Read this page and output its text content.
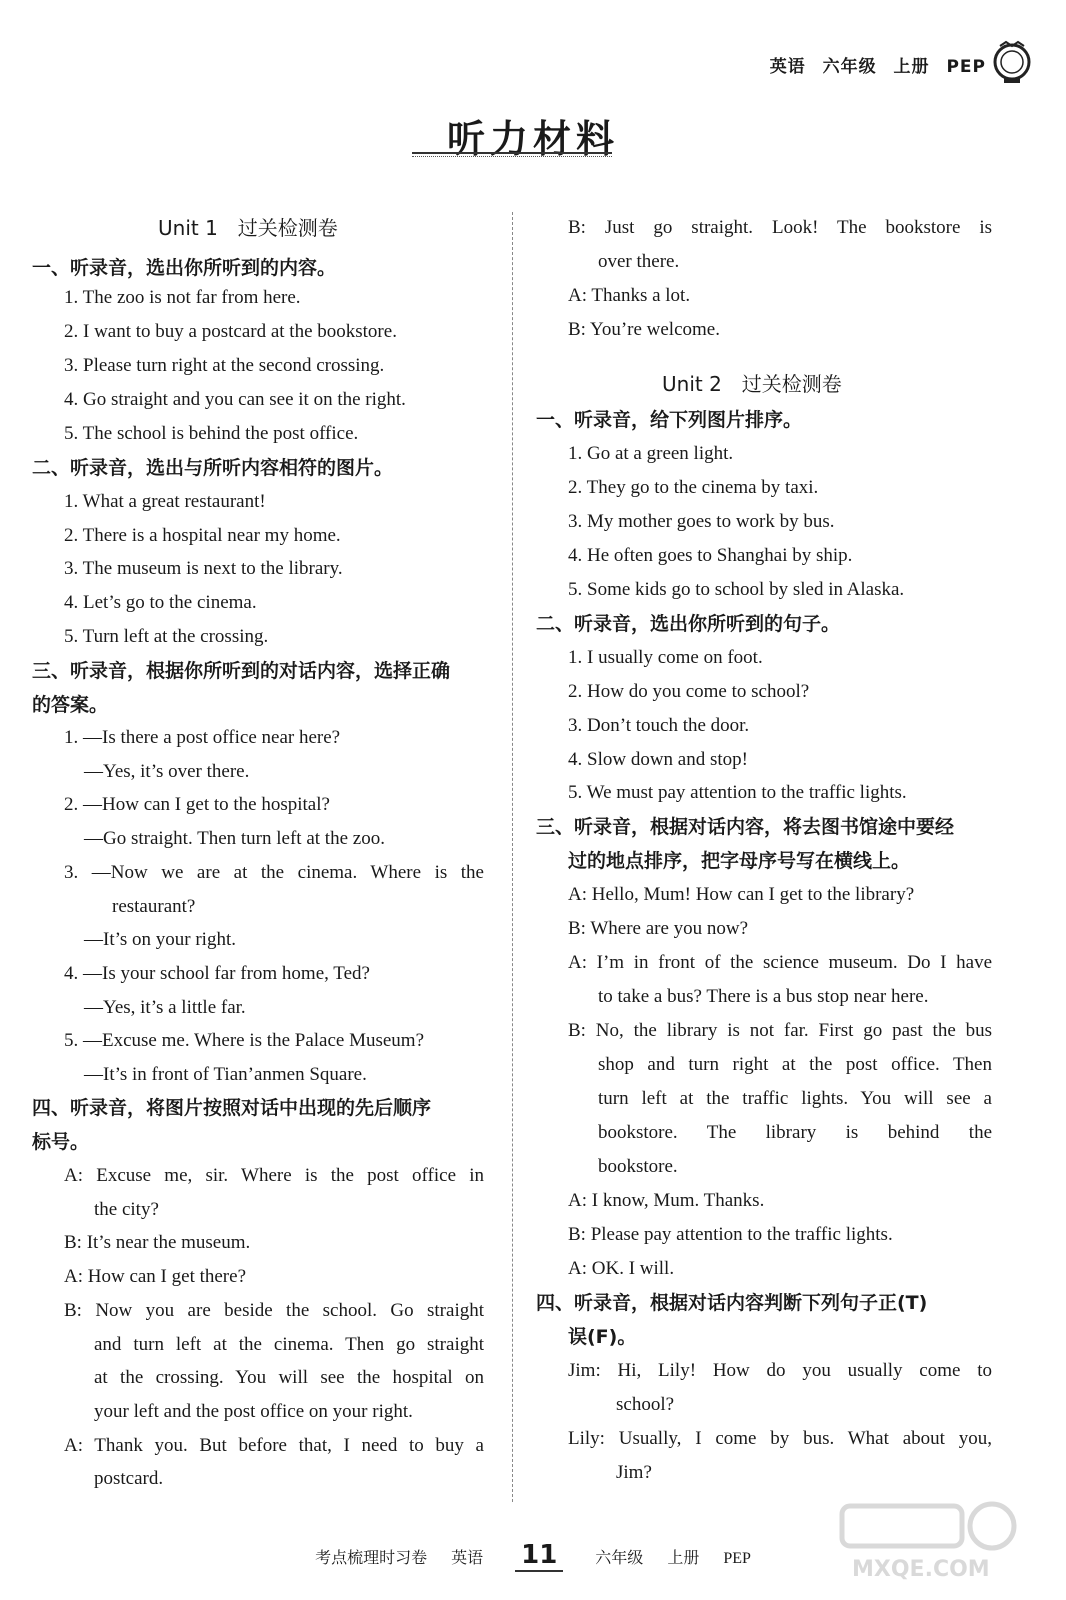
英语 六年级 上册 PEP
听力材料
Unit 1　过关检测卷
一、听录音，选出你所听到的内容。
1. The zoo is not far from here.
2. I want to buy a postcard at the bookstore.
3. Please turn right at the second crossing.
4. Go straight and you can see it on the right.
5. The school is behind the post office.
二、听录音，选出与所听内容相符的图片。
1. What a great restaurant!
2. There is a hospital near my home.
3. The museum is next to the library.
4. Let’s go to the cinema.
5. Turn left at the crossing.
三、听录音，根据你所听到的对话内容，选择正确
的答案。
1. —Is there a post office near here?
—Yes, it’s over there.
2. —How can I get to the hospital?
—Go straight. Then turn left at the zoo.
3. —Now we are at the cinema. Where is the
restaurant?
—It’s on your right.
4. —Is your school far from home, Ted?
—Yes, it’s a little far.
5. —Excuse me. Where is the Palace Museum?
—It’s in front of Tian’anmen Square.
四、听录音，将图片按照对话中出现的先后顺序
标号。
A: Excuse me, sir. Where is the post office in
the city?
B: It’s near the museum.
A: How can I get there?
B: Now you are beside the school. Go straight
and turn left at the cinema. Then go straight
at the crossing. You will see the hospital on
your left and the post office on your right.
A: Thank you. But before that, I need to buy a
postcard.
B: Just go straight. Look! The bookstore is
over there.
A: Thanks a lot.
B: You’re welcome.
Unit 2　过关检测卷
一、听录音，给下列图片排序。
1. Go at a green light.
2. They go to the cinema by taxi.
3. My mother goes to work by bus.
4. He often goes to Shanghai by ship.
5. Some kids go to school by sled in Alaska.
二、听录音，选出你所听到的句子。
1. I usually come on foot.
2. How do you come to school?
3. Don’t touch the door.
4. Slow down and stop!
5. We must pay attention to the traffic lights.
三、听录音，根据对话内容，将去图书馆途中要经
过的地点排序，把字母序号写在横线上。
A: Hello, Mum! How can I get to the library?
B: Where are you now?
A: I’m in front of the science museum. Do I have
to take a bus? There is a bus stop near here.
B: No, the library is not far. First go past the bus
shop and turn right at the post office. Then
turn left at the traffic lights. You will see a
bookstore. The library is behind the
bookstore.
A: I know, Mum. Thanks.
B: Please pay attention to the traffic lights.
A: OK. I will.
四、听录音，根据对话内容判断下列句子正(T)
误(F)。
Jim: Hi, Lily! How do you usually come to
school?
Lily: Usually, I come by bus. What about you,
Jim?
考点梳理时习卷 英语 11 六年级 上册 PEP	MXQE.COM
